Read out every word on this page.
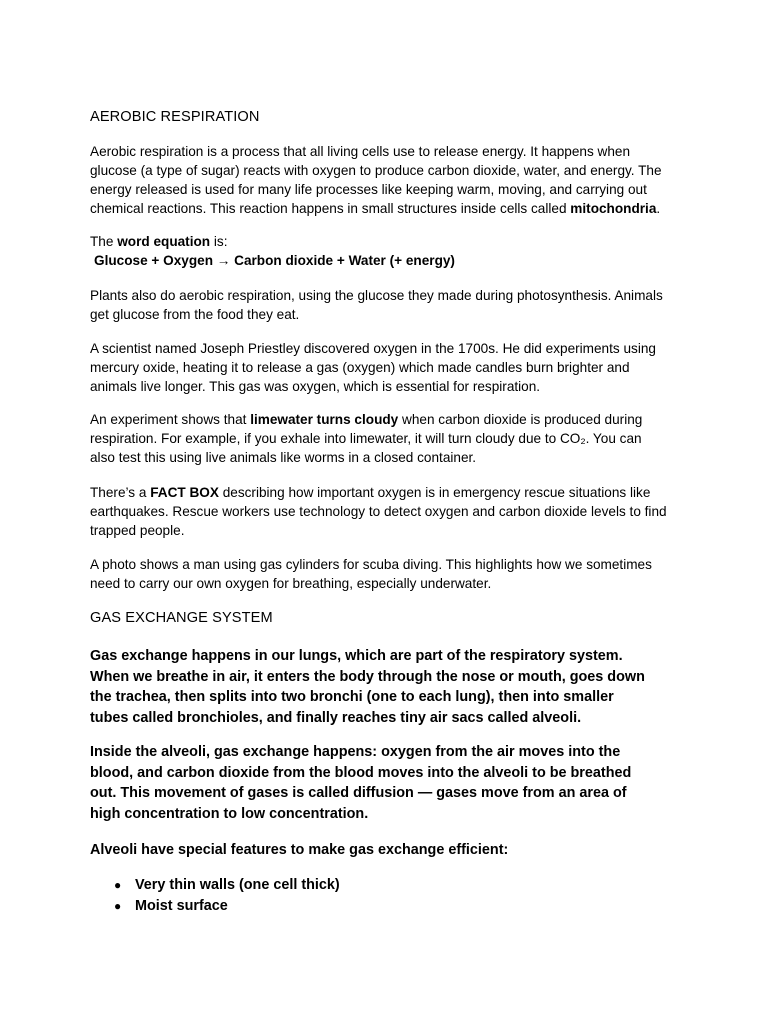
AEROBIC RESPIRATION
Aerobic respiration is a process that all living cells use to release energy. It happens when
glucose (a type of sugar) reacts with oxygen to produce carbon dioxide, water, and energy. The
energy released is used for many life processes like keeping warm, moving, and carrying out
chemical reactions. This reaction happens in small structures inside cells called mitochondria.
The word equation is:
Glucose + Oxygen → Carbon dioxide + Water (+ energy)
Plants also do aerobic respiration, using the glucose they made during photosynthesis. Animals
get glucose from the food they eat.
A scientist named Joseph Priestley discovered oxygen in the 1700s. He did experiments using
mercury oxide, heating it to release a gas (oxygen) which made candles burn brighter and
animals live longer. This gas was oxygen, which is essential for respiration.
An experiment shows that limewater turns cloudy when carbon dioxide is produced during
respiration. For example, if you exhale into limewater, it will turn cloudy due to CO₂. You can
also test this using live animals like worms in a closed container.
There’s a FACT BOX describing how important oxygen is in emergency rescue situations like
earthquakes. Rescue workers use technology to detect oxygen and carbon dioxide levels to find
trapped people.
A photo shows a man using gas cylinders for scuba diving. This highlights how we sometimes
need to carry our own oxygen for breathing, especially underwater.
GAS EXCHANGE SYSTEM
Gas exchange happens in our lungs, which are part of the respiratory system.
When we breathe in air, it enters the body through the nose or mouth, goes down
the trachea, then splits into two bronchi (one to each lung), then into smaller
tubes called bronchioles, and finally reaches tiny air sacs called alveoli.
Inside the alveoli, gas exchange happens: oxygen from the air moves into the
blood, and carbon dioxide from the blood moves into the alveoli to be breathed
out. This movement of gases is called diffusion — gases move from an area of
high concentration to low concentration.
Alveoli have special features to make gas exchange efficient:
● Very thin walls (one cell thick)
● Moist surface
